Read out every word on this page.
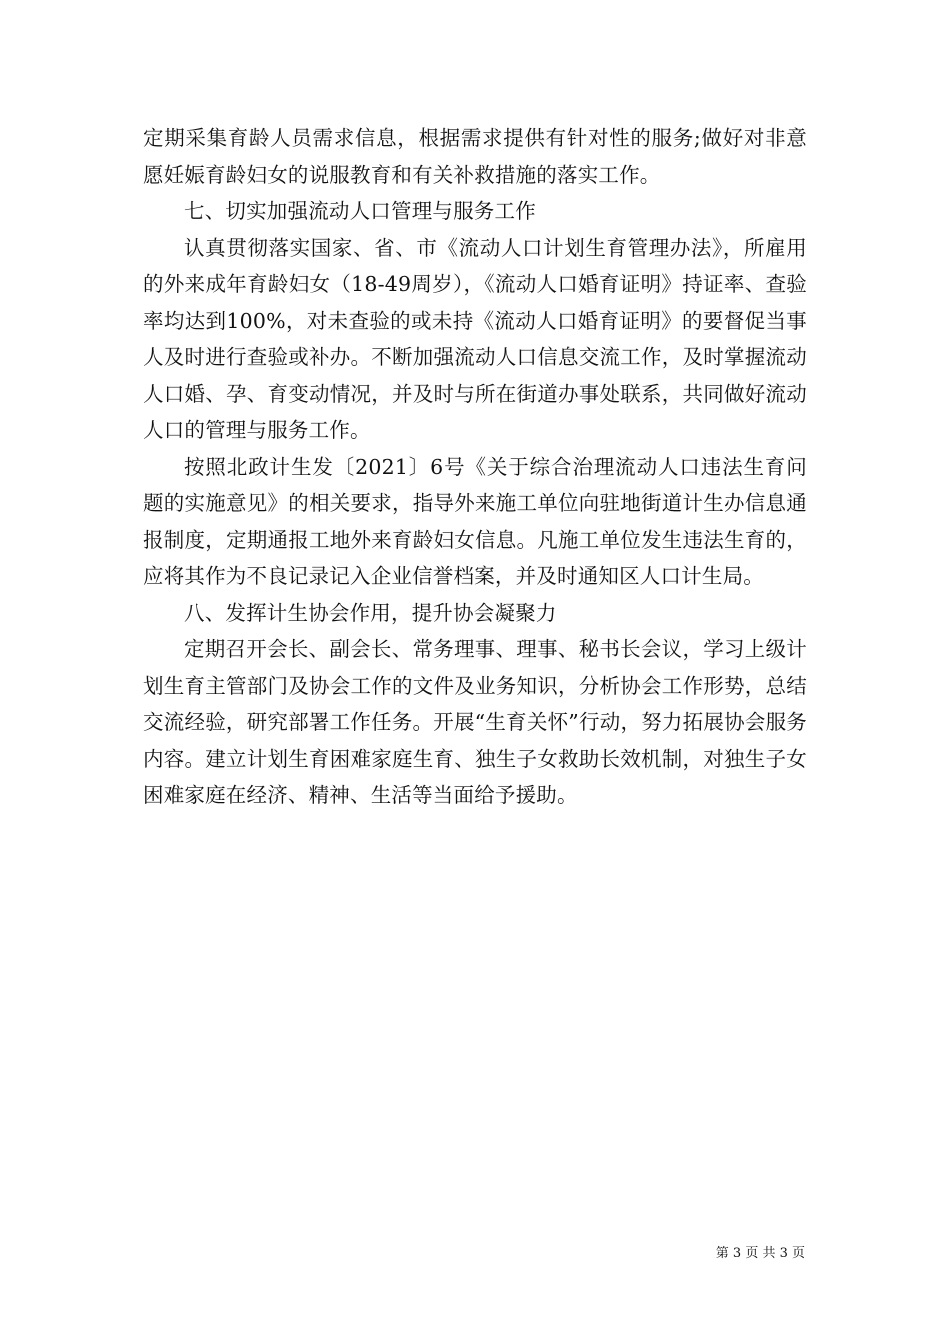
定期采集育龄人员需求信息，根据需求提供有针对性的服务;做好对非意愿妊娠育龄妇女的说服教育和有关补救措施的落实工作。

七、切实加强流动人口管理与服务工作

认真贯彻落实国家、省、市《流动人口计划生育管理办法》，所雇用的外来成年育龄妇女（18-49周岁），《流动人口婚育证明》持证率、查验率均达到100%，对未查验的或未持《流动人口婚育证明》的要督促当事人及时进行查验或补办。不断加强流动人口信息交流工作，及时掌握流动人口婚、孕、育变动情况，并及时与所在街道办事处联系，共同做好流动人口的管理与服务工作。

按照北政计生发〔2021〕6号《关于综合治理流动人口违法生育问题的实施意见》的相关要求，指导外来施工单位向驻地街道计生办信息通报制度，定期通报工地外来育龄妇女信息。凡施工单位发生违法生育的，应将其作为不良记录记入企业信誉档案，并及时通知区人口计生局。

八、发挥计生协会作用，提升协会凝聚力

定期召开会长、副会长、常务理事、理事、秘书长会议，学习上级计划生育主管部门及协会工作的文件及业务知识，分析协会工作形势，总结交流经验，研究部署工作任务。开展“生育关怀”行动，努力拓展协会服务内容。建立计划生育困难家庭生育、独生子女救助长效机制，对独生子女困难家庭在经济、精神、生活等当面给予援助。

第 3 页 共 3 页
